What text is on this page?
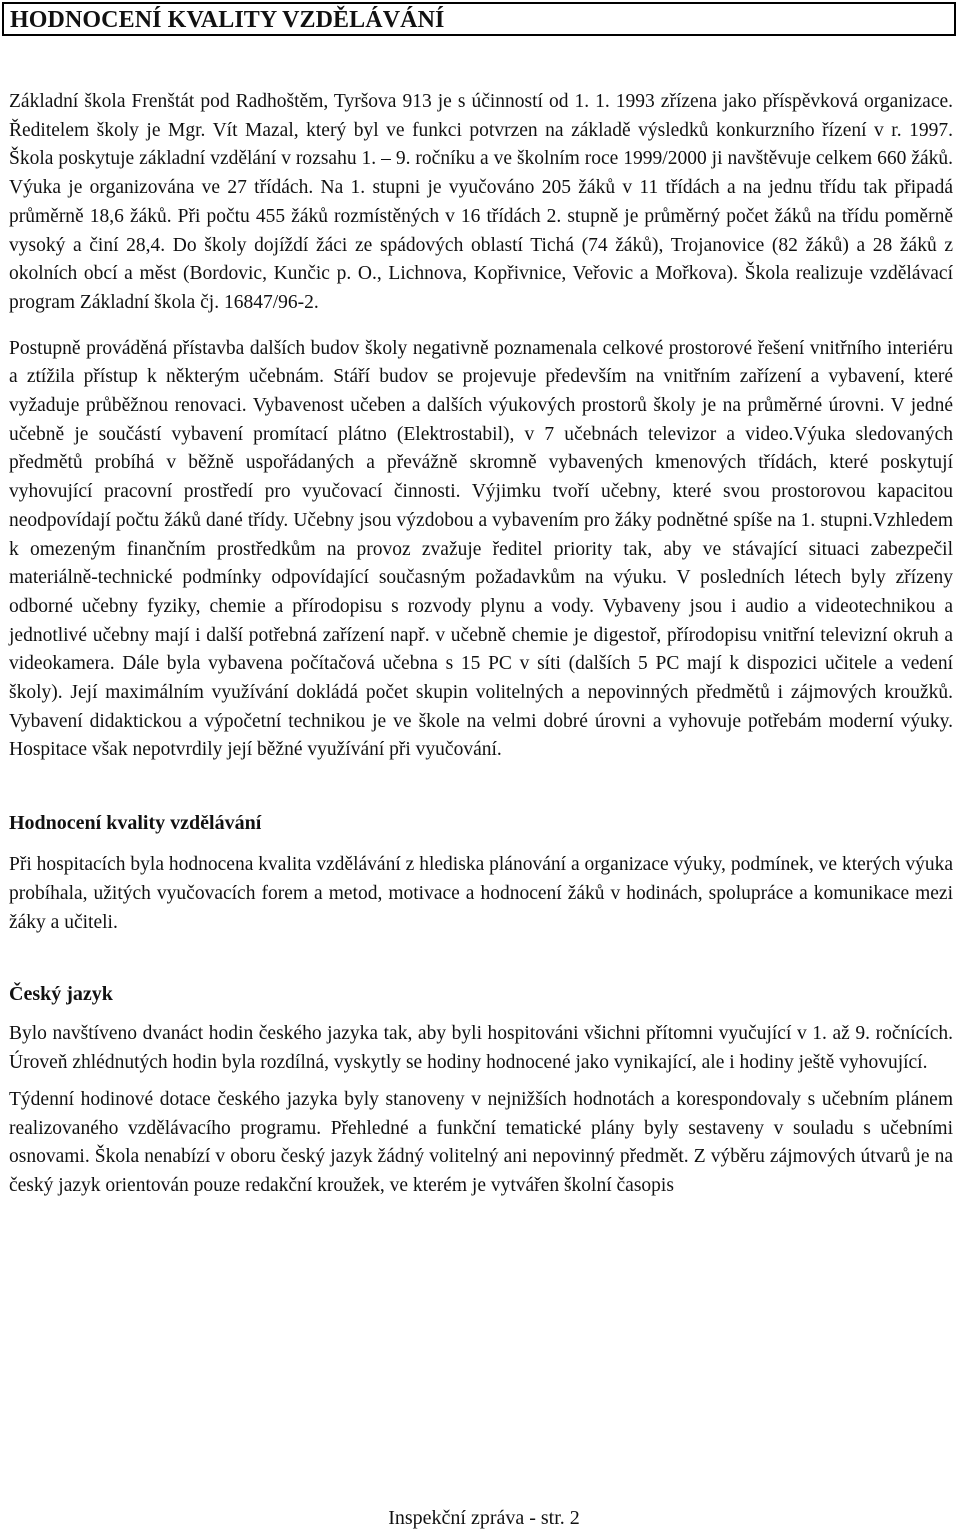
HODNOCENÍ KVALITY VZDĚLÁVÁNÍ

Základní škola Frenštát pod Radhoštěm, Tyršova 913 je s účinností od 1. 1. 1993 zřízena jako příspěvková organizace. Ředitelem školy je Mgr. Vít Mazal, který byl ve funkci potvrzen na základě výsledků konkurzního řízení v r. 1997. Škola poskytuje základní vzdělání v rozsahu 1. – 9. ročníku a ve školním roce 1999/2000 ji navštěvuje celkem 660 žáků. Výuka je organizována ve 27 třídách. Na 1. stupni je vyučováno 205 žáků v 11 třídách a na jednu třídu tak připadá průměrně 18,6 žáků. Při počtu 455 žáků rozmístěných v 16 třídách 2. stupně je průměrný počet žáků na třídu poměrně vysoký a činí 28,4. Do školy dojíždí žáci ze spádových oblastí Tichá (74 žáků), Trojanovice (82 žáků) a 28 žáků z okolních obcí a měst (Bordovic, Kunčic p. O., Lichnova, Kopřivnice, Veřovic a Mořkova). Škola realizuje vzdělávací program Základní škola čj. 16847/96-2.

Postupně prováděná přístavba dalších budov školy negativně poznamenala celkové prostorové řešení vnitřního interiéru a ztížila přístup k některým učebnám. Stáří budov se projevuje především na vnitřním zařízení a vybavení, které vyžaduje průběžnou renovaci. Vybavenost učeben a dalších výukových prostorů školy je na průměrné úrovni. V jedné učebně je součástí vybavení promítací plátno (Elektrostabil), v 7 učebnách televizor a video.Výuka sledovaných předmětů probíhá v běžně uspořádaných a převážně skromně vybavených kmenových třídách, které poskytují vyhovující pracovní prostředí pro vyučovací činnosti. Výjimku tvoří učebny, které svou prostorovou kapacitou neodpovídají počtu žáků dané třídy. Učebny jsou výzdobou a vybavením pro žáky podnětné spíše na 1. stupni.Vzhledem k omezeným finančním prostředkům na provoz zvažuje ředitel priority tak, aby ve stávající situaci zabezpečil materiálně-technické podmínky odpovídající současným požadavkům na výuku. V posledních létech byly zřízeny odborné učebny fyziky, chemie a přírodopisu s rozvody plynu a vody. Vybaveny jsou i audio a videotechnikou a jednotlivé učebny mají i další potřebná zařízení např. v učebně chemie je digestoř, přírodopisu vnitřní televizní okruh a videokamera. Dále byla vybavena počítačová učebna s 15 PC v síti (dalších 5 PC mají k dispozici učitele a vedení školy). Její maximálním využívání dokládá počet skupin volitelných a nepovinných předmětů i zájmových kroužků. Vybavení didaktickou a výpočetní technikou je ve škole na velmi dobré úrovni a vyhovuje potřebám moderní výuky. Hospitace však nepotvrdily její běžné využívání při vyučování.

Hodnocení kvality vzdělávání

Při hospitacích byla hodnocena kvalita vzdělávání z hlediska plánování a organizace výuky, podmínek, ve kterých výuka probíhala, užitých vyučovacích forem a metod, motivace a hodnocení žáků v hodinách, spolupráce a komunikace mezi žáky a učiteli.

Český jazyk

Bylo navštíveno dvanáct hodin českého jazyka tak, aby byli hospitováni všichni přítomni vyučující v 1. až 9. ročnících. Úroveň zhlédnutých hodin byla rozdílná, vyskytly se hodiny hodnocené jako vynikající, ale i hodiny ještě vyhovující.

Týdenní hodinové dotace českého jazyka byly stanoveny v nejnižších hodnotách a korespondovaly s učebním plánem realizovaného vzdělávacího programu. Přehledné a funkční tematické plány byly sestaveny v souladu s učebními osnovami. Škola nenabízí v oboru český jazyk žádný volitelný ani nepovinný předmět. Z výběru zájmových útvarů je na český jazyk orientován pouze redakční kroužek, ve kterém je vytvářen školní časopis

Inspekční zpráva - str. 2
